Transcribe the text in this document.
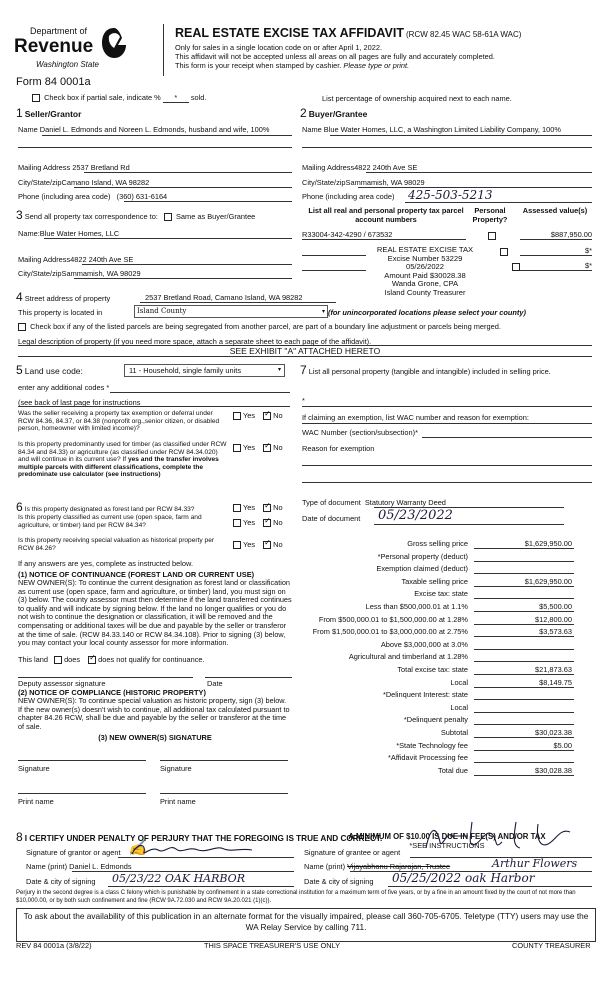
Department of
Revenue
Washington State
Form 84 0001a
REAL ESTATE EXCISE TAX AFFIDAVIT (RCW 82.45 WAC 58-61A WAC)
Only for sales in a single location code on or after April 1, 2022.
This affidavit will not be accepted unless all areas on all pages are fully and accurately completed.
This form is your receipt when stamped by cashier. Please type or print.
Check box if partial sale, indicate % * sold.	List percentage of ownership acquired next to each name.
1 Seller/Grantor	2 Buyer/Grantee
Name Daniel L. Edmonds and Noreen L. Edmonds, husband and wife, 100%	Name Blue Water Homes, LLC, a Washington Limited Liability Company, 100%
Mailing Address 2537 Bretland Rd
City/State/zipCamano Island, WA 98282
Phone (including area code) (360) 631-6164
Mailing Address4822 240th Ave SE
City/State/zipSammamish, WA 98029
Phone (including area code) 425-503-5213
3 Send all property tax correspondence to: Same as Buyer/Grantee
Name:Blue Water Homes, LLC
Mailing Address4822 240th Ave SE
City/State/zipSammamish, WA 98029
List all real and personal property tax parcel account numbers
Personal Property?
Assessed value(s)
R33004-342-4290 / 673532
	$887,950.00

$*
$*
REAL ESTATE EXCISE TAX
Excise Number 53229
05/26/2022
Amount Paid $30028.38
Wanda Grone, CPA
Island County Treasurer
4 Street address of property	2537 Bretland Road, Camano Island, WA 98282
This property is located in	Island County	▾ (for unincorporated locations please select your county)
Check box if any of the listed parcels are being segregated from another parcel, are part of a boundary line adjustment or parcels being merged.
Legal description of property (if you need more space, attach a separate sheet to each page of the affidavit).
SEE EXHIBIT "A" ATTACHED HERETO
5 Land use code:	11 - Household, single family units	▾
enter any additional codes *
(see back of last page for instructions
Was the seller receiving a property tax exemption or deferral under RCW 84.36, 84.37, or 84.38 (nonprofit org.,senior citizen, or disabled person, homeowner with limited income)?
Yes ✓ No
Is this property predominantly used for timber (as classified under RCW 84.34 and 84.33) or agriculture (as classified under RCW 84.34.020) and will continue in its current use? If yes and the transfer involves multiple parcels with different classifications, complete the predominate use calculator (see instructions)
Yes ✓ No
7 List all personal property (tangible and intangible) included in selling price.
*
If claiming an exemption, list WAC number and reason for exemption:
WAC Number (section/subsection)*
Reason for exemption
6 Is this property designated as forest land per RCW 84.33?	Yes ✓ No
Is this property classified as current use (open space, farm and agriculture, or timber) land per RCW 84.34?	Yes ✓ No
Is this property receiving special valuation as historical property per RCW 84.26?	Yes ✓ No
If any answers are yes, complete as instructed below.
(1) NOTICE OF CONTINUANCE (FOREST LAND OR CURRENT USE)
NEW OWNER(S): To continue the current designation as forest land or classification as current use (open space, farm and agriculture, or timber) land, you must sign on (3) below. The county assessor must then determine if the land transferred continues to qualify and will indicate by signing below. If the land no longer qualifies or you do not wish to continue the designation or classification, it will be removed and the compensating or additional taxes will be due and payable by the seller or transferor at the time of sale. (RCW 84.33.140 or RCW 84.34.108). Prior to signing (3) below, you may contact your local county assessor for more information.
This land does ✓ does not qualify for continuance.
Deputy assessor signature	Date
(2) NOTICE OF COMPLIANCE (HISTORIC PROPERTY)
NEW OWNER(S): To continue special valuation as historic property, sign (3) below. If the new owner(s) doesn't wish to continue, all additional tax calculated pursuant to chapter 84.26 RCW, shall be due and payable by the seller or transferor at the time of sale.
(3) NEW OWNER(S) SIGNATURE
Signature	Signature
Print name	Print name
Type of document Statutory Warranty Deed
Date of document 05/23/2022
Gross selling price	$1,629,950.00
*Personal property (deduct)
Exemption claimed (deduct)
Taxable selling price	$1,629,950.00
Excise tax: state
Less than $500,000.01 at 1.1%	$5,500.00
From $500,000.01 to $1,500,000.00 at 1.28%	$12,800.00
From $1,500,000.01 to $3,000,000.00 at 2.75%	$3,573.63
Above $3,000,000 at 3.0%
Agricultural and timberland at 1.28%
Total excise tax: state	$21,873.63
Local	$8,149.75
*Delinquent Interest: state
Local
*Delinquent penalty
Subtotal	$30,023.38
*State Technology fee	$5.00
*Affidavit Processing fee
Total due	$30,028.38
A MINIMUM OF $10.00 IS DUE IN FEE(S) AND/OR TAX
*SEE INSTRUCTIONS
8 I CERTIFY UNDER PENALTY OF PERJURY THAT THE FOREGOING IS TRUE AND CORRECT.
Signature of grantor or agent ✍
Name (print) Daniel L. Edmonds
Date & city of signing 05/23/22 OAK HARBOR
Signature of grantee or agent
Name (print) Vijayabhanu Rajarajan, Trustee	Arthur Flowers
Date & city of signing 05/25/2022 oak Harbor
Perjury in the second degree is a class C felony which is punishable by confinement in a state correctional institution for a maximum term of five years, or by a fine in an amount fixed by the court of not more than $10,000.00, or by both such confinement and fine (RCW 9A.72.030 and RCW 9A.20.021 (1)(c)).
To ask about the availability of this publication in an alternate format for the visually impaired, please call 360-705-6705. Teletype (TTY) users may use the WA Relay Service by calling 711.
REV 84 0001a (3/8/22)	THIS SPACE TREASURER'S USE ONLY	COUNTY TREASURER
